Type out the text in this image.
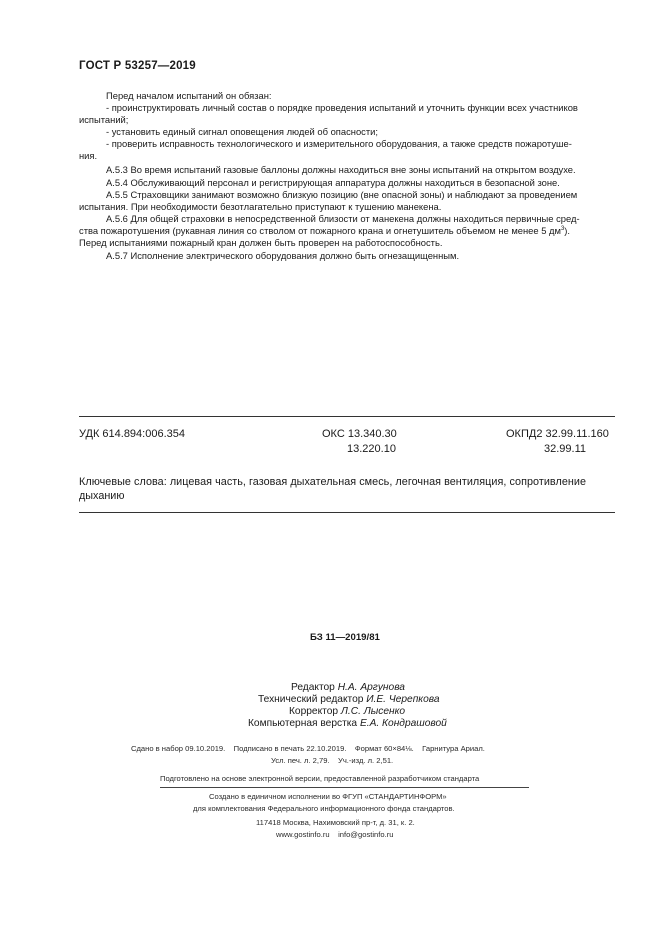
ГОСТ Р 53257—2019
Перед началом испытаний он обязан:
- проинструктировать личный состав о порядке проведения испытаний и уточнить функции всех участников
испытаний;
- установить единый сигнал оповещения людей об опасности;
- проверить исправность технологического и измерительного оборудования, а также средств пожаротуше-
ния.
А.5.3 Во время испытаний газовые баллоны должны находиться вне зоны испытаний на открытом воздухе.
А.5.4 Обслуживающий персонал и регистрирующая аппаратура должны находиться в безопасной зоне.
А.5.5 Страховщики занимают возможно близкую позицию (вне опасной зоны) и наблюдают за проведением
испытания. При необходимости безотлагательно приступают к тушению манекена.
А.5.6 Для общей страховки в непосредственной близости от манекена должны находиться первичные сред-
ства пожаротушения (рукавная линия со стволом от пожарного крана и огнетушитель объемом не менее 5 $дм^3$).
Перед испытаниями пожарный кран должен быть проверен на работоспособность.
А.5.7 Исполнение электрического оборудования должно быть огнезащищенным.
УДК 614.894:006.354	ОКС 13.340.30
13.220.10
ОКПД2 32.99.11.160
32.99.11
Ключевые слова: лицевая часть, газовая дыхательная смесь, легочная вентиляция, сопротивление
дыханию
БЗ 11—2019/81
Редактор Н.А. Аргунова
Технический редактор И.Е. Черепкова
Корректор Л.С. Лысенко
Компьютерная верстка Е.А. Кондрашовой
Сдано в набор 09.10.2019.    Подписано в печать 22.10.2019.    Формат 60×84⅛.    Гарнитура Ариал.
Усл. печ. л. 2,79.    Уч.-изд. л. 2,51.
Подготовлено на основе электронной версии, предоставленной разработчиком стандарта
Создано в единичном исполнении во ФГУП «СТАНДАРТИНФОРМ»
для комплектования Федерального информационного фонда стандартов.
117418 Москва, Нахимовский пр-т, д. 31, к. 2.
www.gostinfo.ru info@gostinfo.ru
